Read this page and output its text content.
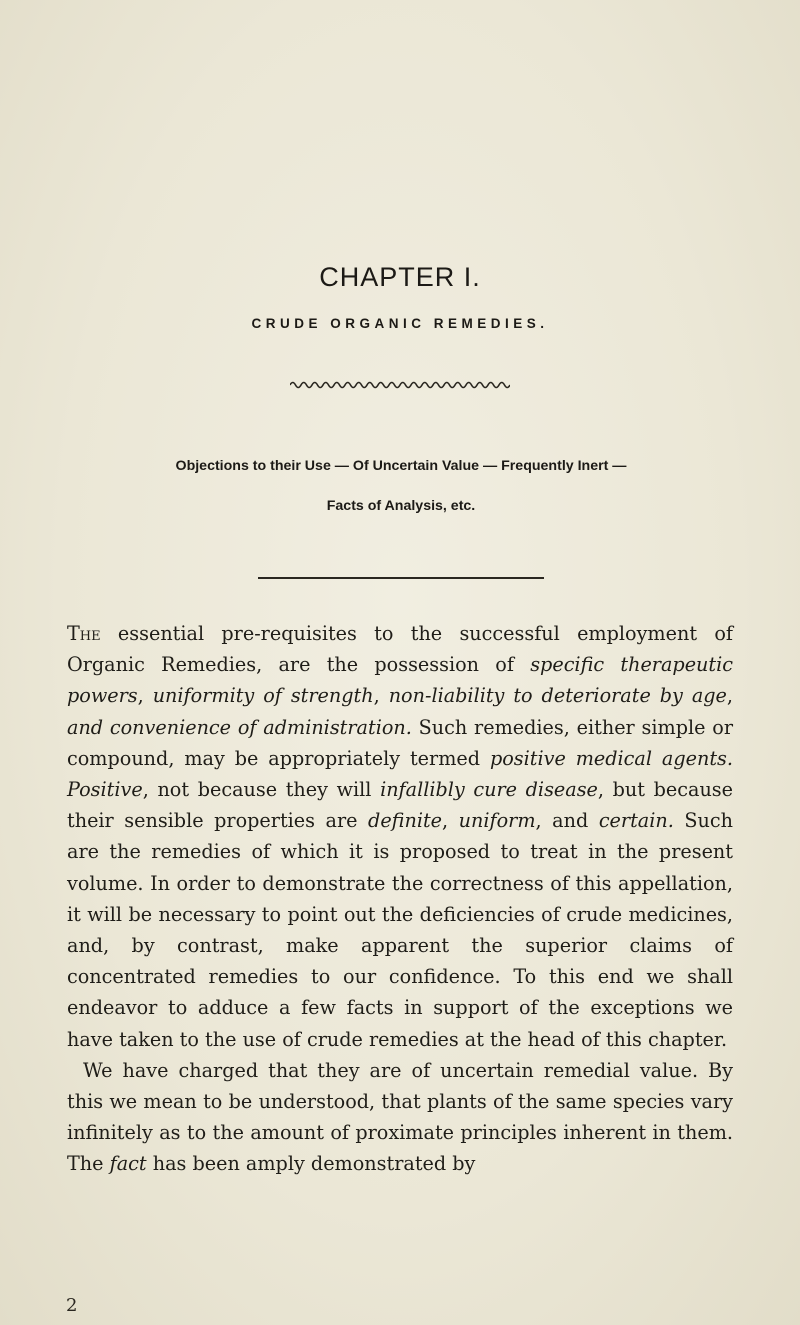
CHAPTER I.
CRUDE ORGANIC REMEDIES.
Objections to their Use — Of Uncertain Value — Frequently Inert —
Facts of Analysis, etc.

The essential pre-requisites to the successful employment of Organic Remedies, are the possession of specific therapeutic powers, uniformity of strength, non-liability to deteriorate by age, and convenience of administration. Such remedies, either simple or compound, may be appropriately termed positive medical agents. Positive, not because they will infallibly cure disease, but because their sensible properties are definite, uniform, and certain. Such are the remedies of which it is proposed to treat in the present volume. In order to demonstrate the correctness of this appellation, it will be necessary to point out the deficiencies of crude medicines, and, by contrast, make apparent the superior claims of concentrated remedies to our confidence. To this end we shall endeavor to adduce a few facts in support of the exceptions we have taken to the use of crude remedies at the head of this chapter.

We have charged that they are of uncertain remedial value. By this we mean to be understood, that plants of the same species vary infinitely as to the amount of proximate principles inherent in them. The fact has been amply demonstrated by

2
